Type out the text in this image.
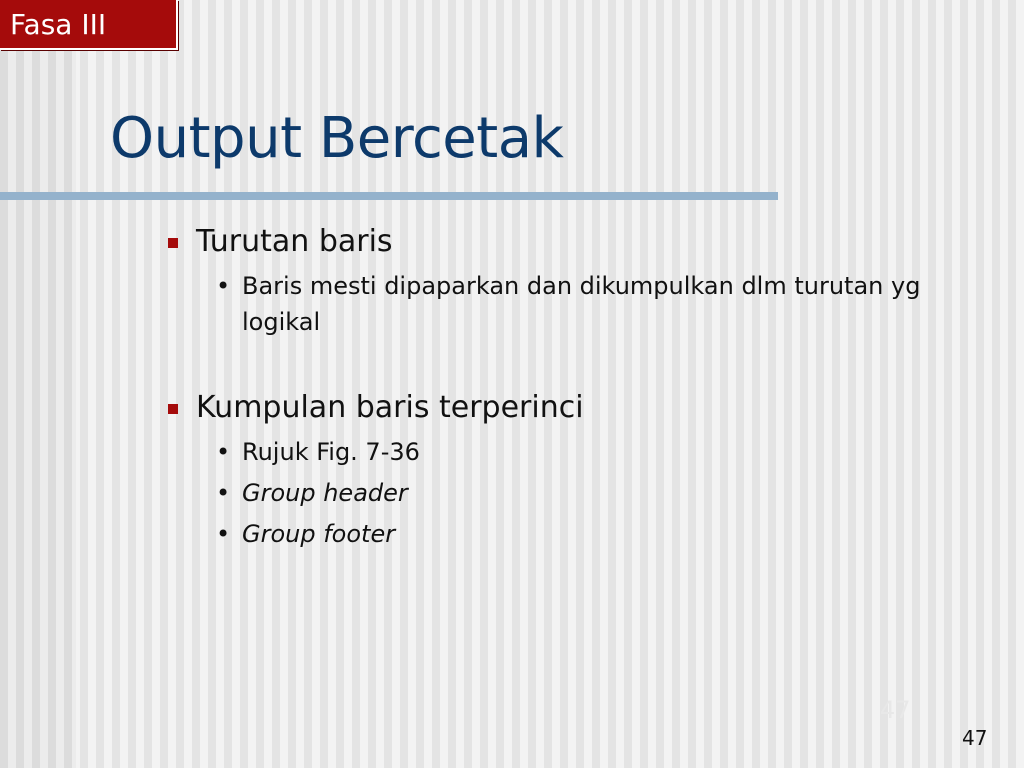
Fasa III
Output Bercetak
Turutan baris
• Baris mesti dipaparkan dan dikumpulkan dlm turutan yg logikal
Kumpulan baris terperinci
• Rujuk Fig. 7-36
• Group header
• Group footer
47
47
